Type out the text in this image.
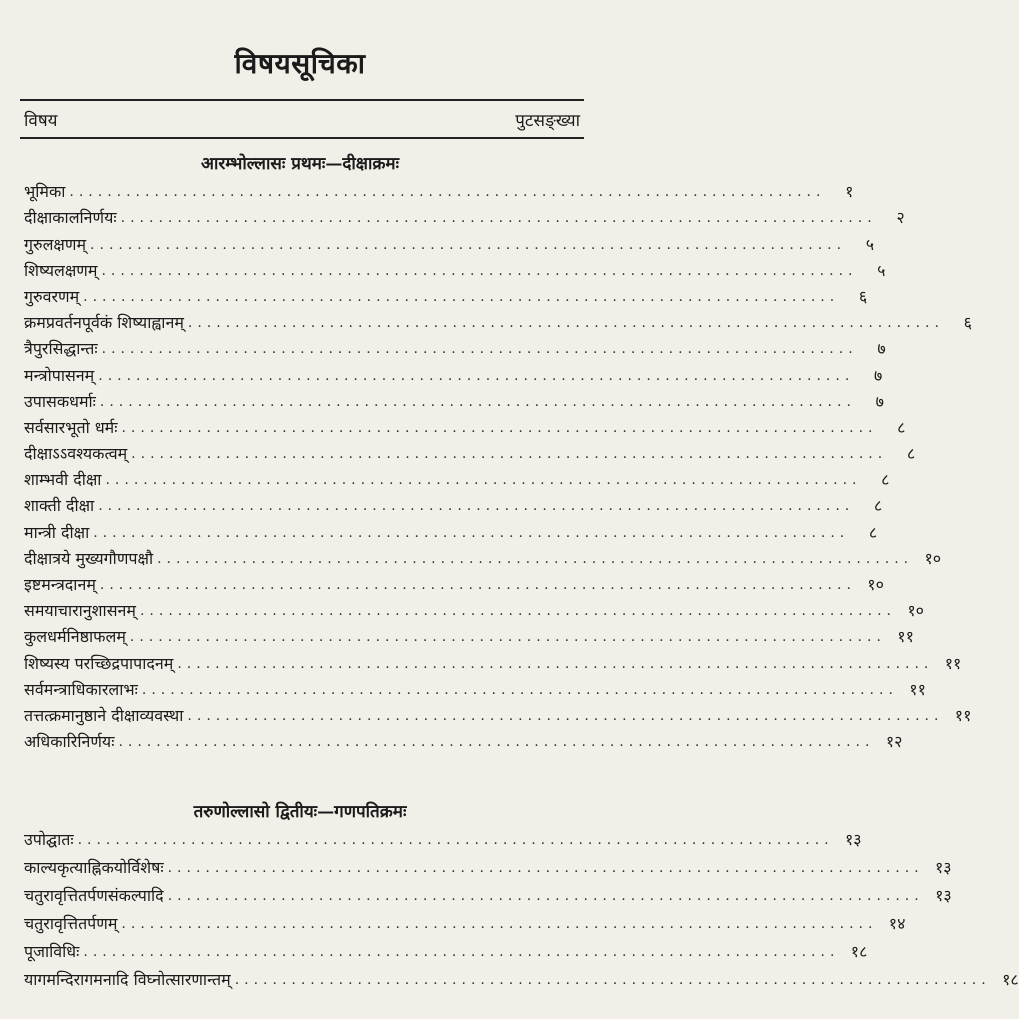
विषयसूचिका
विषय	पुटसङ्ख्या
आरम्भोल्लासः प्रथमः—दीक्षाक्रमः
भूमिका ................................................................................	१
दीक्षाकालनिर्णयः ................................................................................	२
गुरुलक्षणम् ................................................................................	५
शिष्यलक्षणम् ................................................................................	५
गुरुवरणम् ................................................................................	६
क्रमप्रवर्तनपूर्वकं शिष्याह्वानम् ................................................................................	६
त्रैपुरसिद्धान्तः ................................................................................	७
मन्त्रोपासनम् ................................................................................	७
उपासकधर्माः ................................................................................	७
सर्वसारभूतो धर्मः ................................................................................	८
दीक्षाऽऽवश्यकत्वम् ................................................................................	८
शाम्भवी दीक्षा ................................................................................	८
शाक्ती दीक्षा ................................................................................	८
मान्त्री दीक्षा ................................................................................	८
दीक्षात्रये मुख्यगौणपक्षौ ................................................................................ १०
इष्टमन्त्रदानम् ................................................................................ १०
समयाचारानुशासनम् ................................................................................ १०
कुलधर्मनिष्ठाफलम् ................................................................................ ११
शिष्यस्य परच्छिद्रपापादनम् ................................................................................ ११
सर्वमन्त्राधिकारलाभः ................................................................................ ११
तत्तत्क्रमानुष्ठाने दीक्षाव्यवस्था ................................................................................ ११
अधिकारिनिर्णयः ................................................................................ १२
तरुणोल्लासो द्वितीयः—गणपतिक्रमः
उपोद्घातः ................................................................................ १३
काल्यकृत्याह्निकयोर्विशेषः ................................................................................ १३
चतुरावृत्तितर्पणसंकल्पादि ................................................................................ १३
चतुरावृत्तितर्पणम् ................................................................................ १४
पूजाविधिः ................................................................................ १८
यागमन्दिरागमनादि विघ्नोत्सारणान्तम् ................................................................................ १८
